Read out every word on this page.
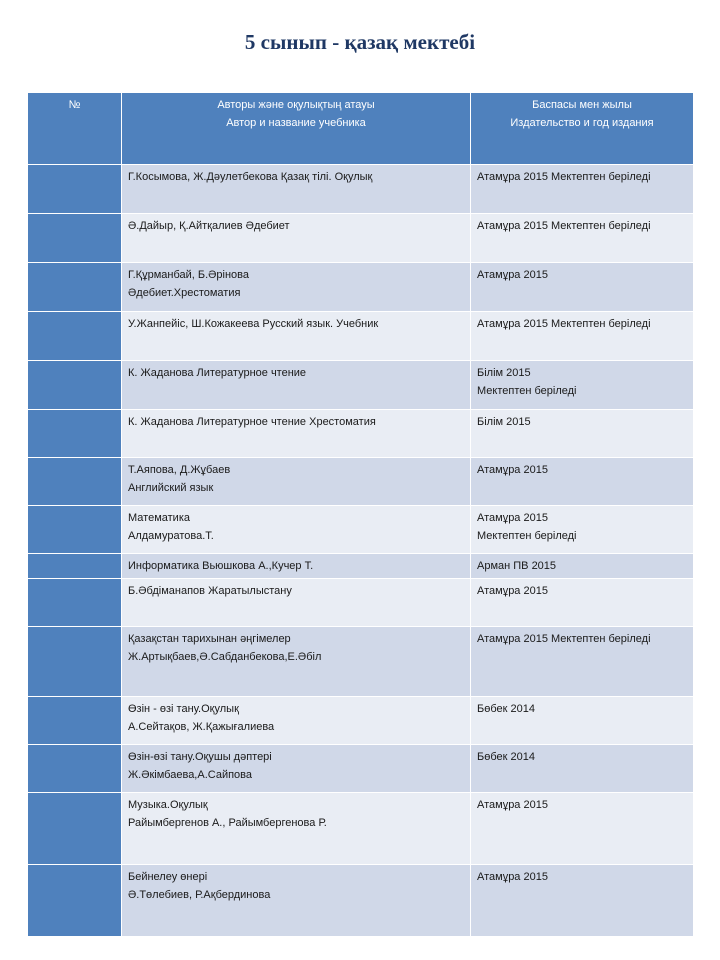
5 сынып - қазақ мектебі
№	Авторы және оқулықтың атауы
Автор и название учебника	Баспасы мен жылы
Издательство и год издания

	Г.Косымова, Ж.Дәулетбекова Қазақ тілі. Оқулық	Атамұра 2015 Мектептен беріледі

	Ә.Дайыр, Қ.Айтқалиев Әдебиет	Атамұра 2015 Мектептен беріледі

	Г.Құрманбай, Б.Әрінова
Әдебиет.Хрестоматия	Атамұра 2015

	У.Жанпейіс, Ш.Кожакеева Русский язык. Учебник	Атамұра 2015 Мектептен беріледі

	К. Жаданова Литературное чтение	Білім 2015
Мектептен беріледі

	К. Жаданова Литературное чтение Хрестоматия	Білім 2015

	Т.Аяпова, Д.Жұбаев
Английский язык	Атамұра 2015

	Математика
Алдамуратова.Т.	Атамұра 2015
Мектептен беріледі

	Информатика Вьюшкова А.,Кучер Т.	Арман ПВ 2015

	Б.Әбдіманапов Жаратылыстану	Атамұра 2015

	Қазақстан тарихынан әңгімелер
Ж.Артықбаев,Ә.Сабданбекова,Е.Әбіл	Атамұра 2015 Мектептен беріледі

	Өзін - өзі тану.Оқулық
А.Сейтақов, Ж.Қажығалиева	Бөбек 2014

	Өзін-өзі тану.Оқушы дәптері
Ж.Әкімбаева,А.Сайпова	Бөбек 2014

	Музыка.Оқулық
Райымбергенов А., Райымбергенова Р.	Атамұра 2015

	Бейнелеу өнері
Ә.Төлебиев, Р.Ақбердинова	Атамұра 2015
